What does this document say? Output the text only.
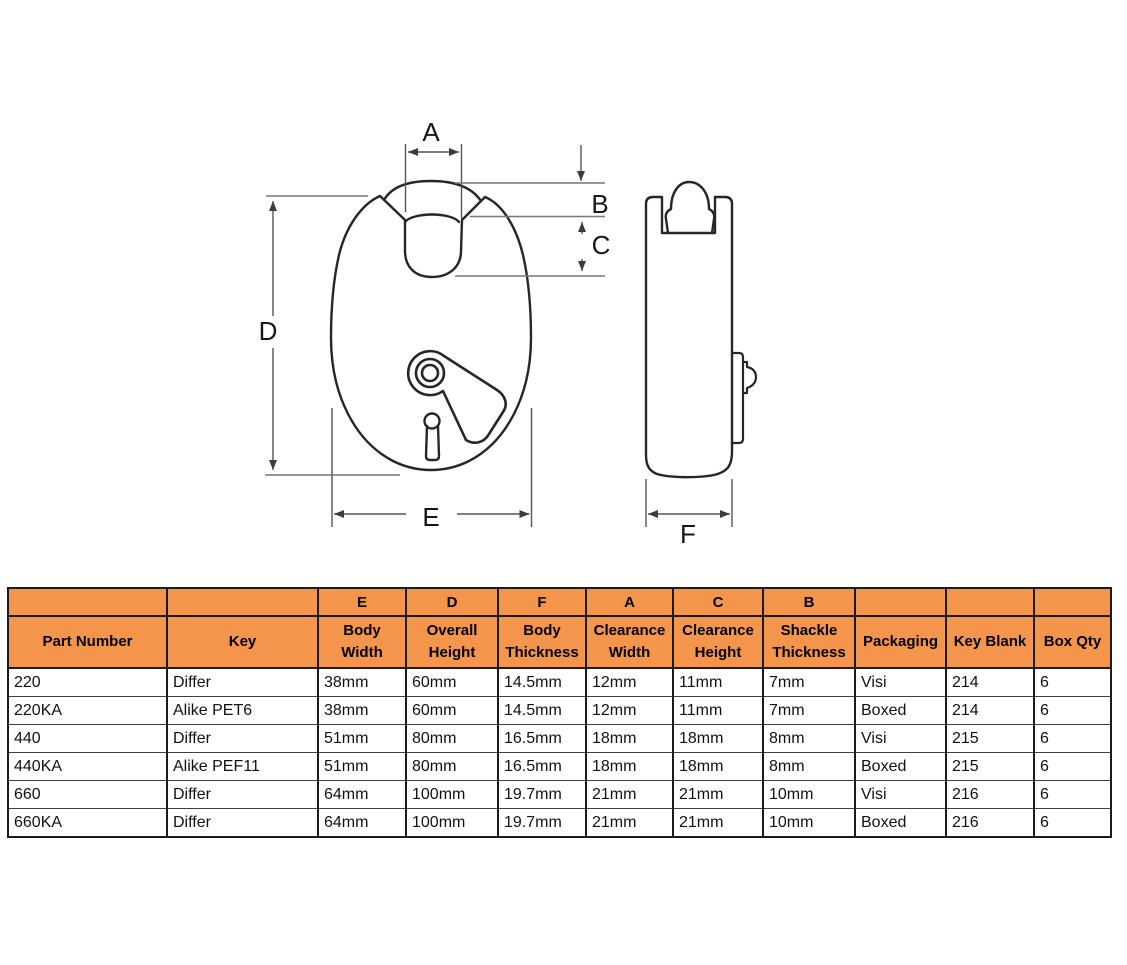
A
B
C
D
E
F
		E	D	F	A	C	B			
Part Number	Key	Body Width	Overall Height	Body Thickness	Clearance Width	Clearance Height	Shackle Thickness	Packaging	Key Blank	Box Qty
220	Differ	38mm	60mm	14.5mm	12mm	11mm	7mm	Visi	214	6
220KA	Alike PET6	38mm	60mm	14.5mm	12mm	11mm	7mm	Boxed	214	6
440	Differ	51mm	80mm	16.5mm	18mm	18mm	8mm	Visi	215	6
440KA	Alike PEF11	51mm	80mm	16.5mm	18mm	18mm	8mm	Boxed	215	6
660	Differ	64mm	100mm	19.7mm	21mm	21mm	10mm	Visi	216	6
660KA	Differ	64mm	100mm	19.7mm	21mm	21mm	10mm	Boxed	216	6
